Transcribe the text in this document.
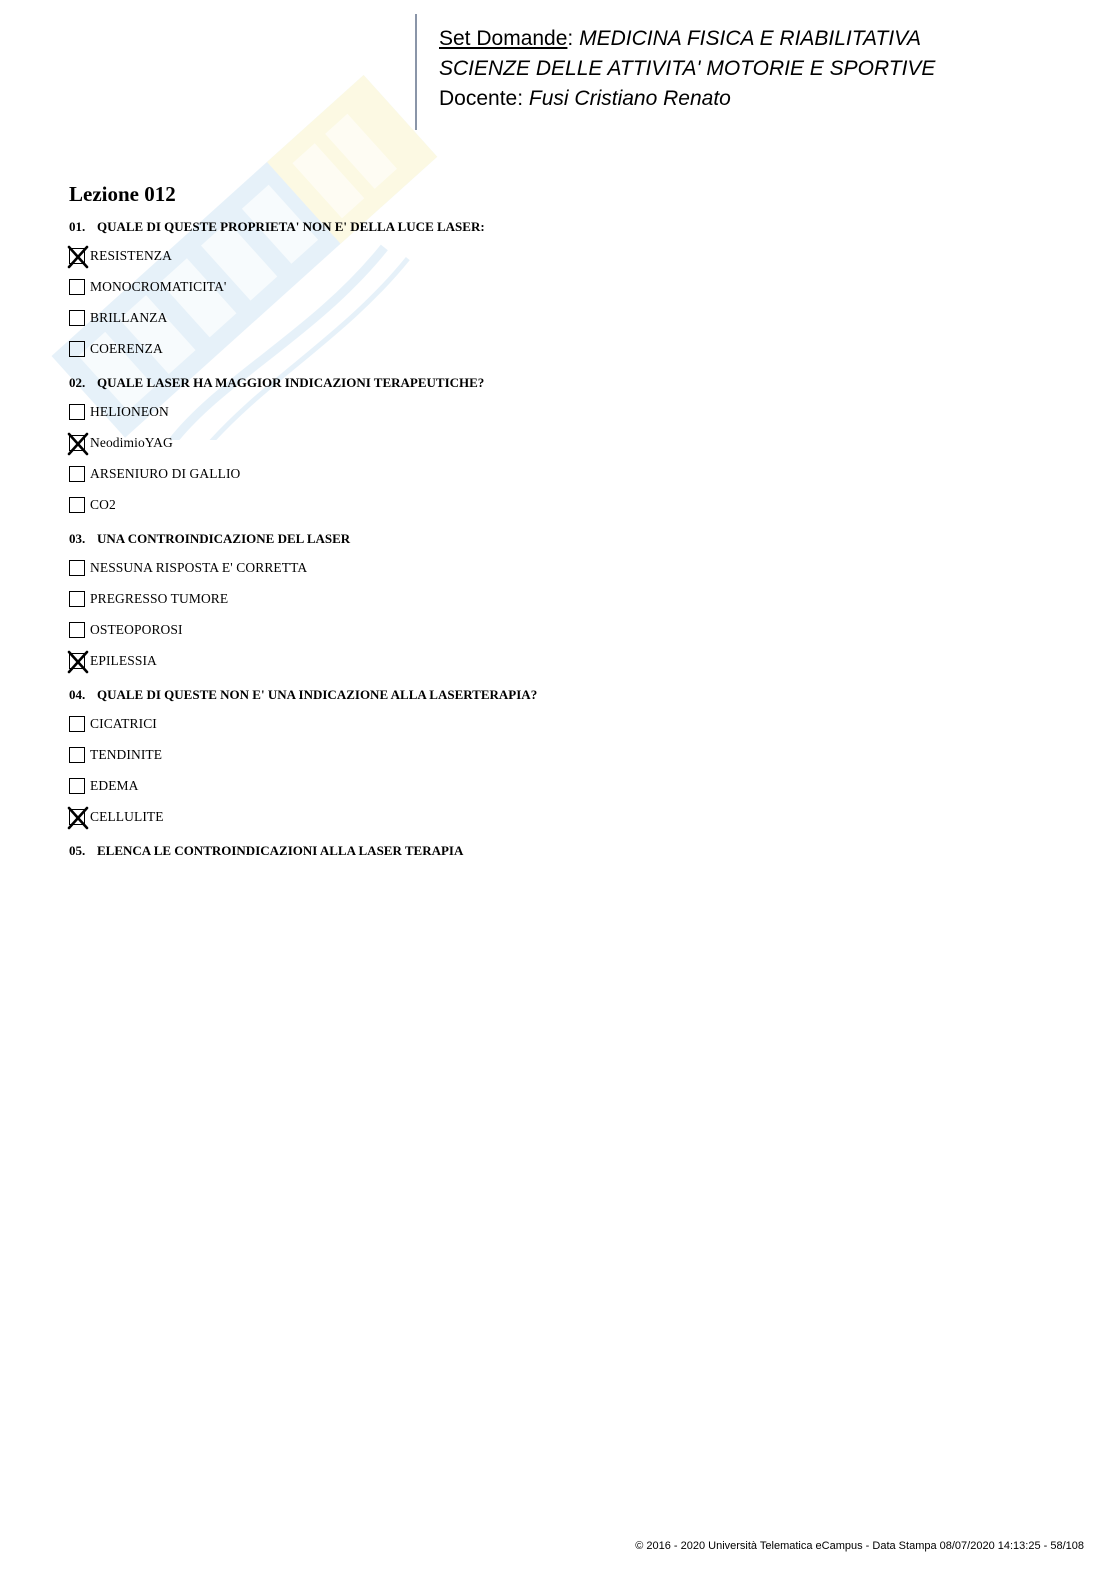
Set Domande: MEDICINA FISICA E RIABILITATIVA
SCIENZE DELLE ATTIVITA' MOTORIE E SPORTIVE
Docente: Fusi Cristiano Renato
Lezione 012
01. QUALE DI QUESTE PROPRIETA' NON E' DELLA LUCE LASER:
RESISTENZA
MONOCROMATICITA'
BRILLANZA
COERENZA
02. QUALE LASER HA MAGGIOR INDICAZIONI TERAPEUTICHE?
HELIONEON
NeodimioYAG
ARSENIURO DI GALLIO
CO2
03. UNA CONTROINDICAZIONE DEL LASER
NESSUNA RISPOSTA E' CORRETTA
PREGRESSO TUMORE
OSTEOPOROSI
EPILESSIA
04. QUALE DI QUESTE NON E' UNA INDICAZIONE ALLA LASERTERAPIA?
CICATRICI
TENDINITE
EDEMA
CELLULITE
05. ELENCA LE CONTROINDICAZIONI ALLA LASER TERAPIA
© 2016 - 2020 Università Telematica eCampus - Data Stampa 08/07/2020 14:13:25 - 58/108
